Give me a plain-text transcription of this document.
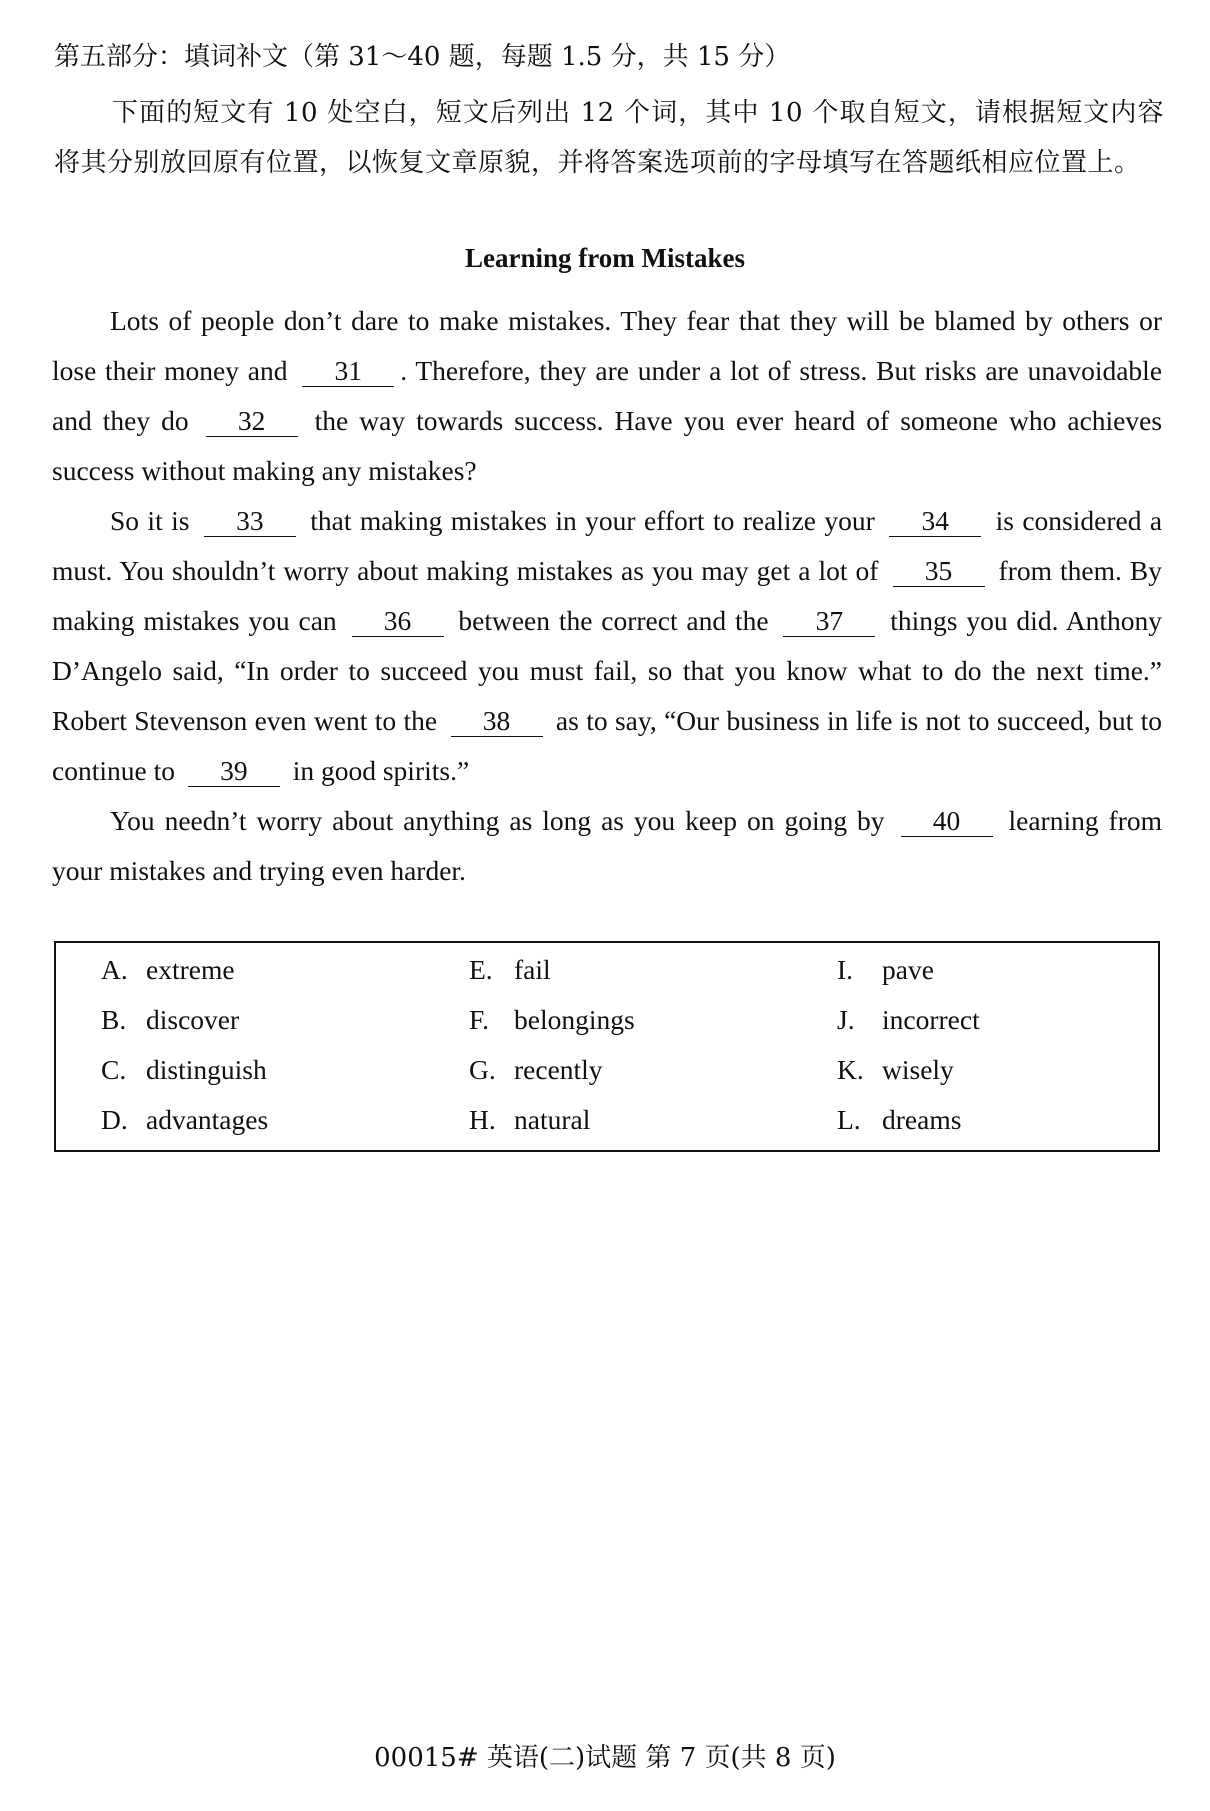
第五部分：填词补文（第 31～40 题，每题 1.5 分，共 15 分）
下面的短文有 10 处空白，短文后列出 12 个词，其中 10 个取自短文，请根据短文内容将其分别放回原有位置，以恢复文章原貌，并将答案选项前的字母填写在答题纸相应位置上。
Learning from Mistakes

Lots of people don’t dare to make mistakes. They fear that they will be blamed by others or lose their money and 31 . Therefore, they are under a lot of stress. But risks are unavoidable and they do 32 the way towards success. Have you ever heard of someone who achieves success without making any mistakes?

So it is 33 that making mistakes in your effort to realize your 34 is considered a must. You shouldn’t worry about making mistakes as you may get a lot of 35 from them. By making mistakes you can 36 between the correct and the 37 things you did. Anthony D’Angelo said, “In order to succeed you must fail, so that you know what to do the next time.” Robert Stevenson even went to the 38 as to say, “Our business in life is not to succeed, but to continue to 39 in good spirits.”

You needn’t worry about anything as long as you keep on going by 40 learning from your mistakes and trying even harder.

A. extreme
B. discover
C. distinguish
D. advantages
E. fail
F. belongings
G. recently
H. natural
I. pave
J. incorrect
K. wisely
L. dreams
00015# 英语(二)试题 第 7 页(共 8 页)
